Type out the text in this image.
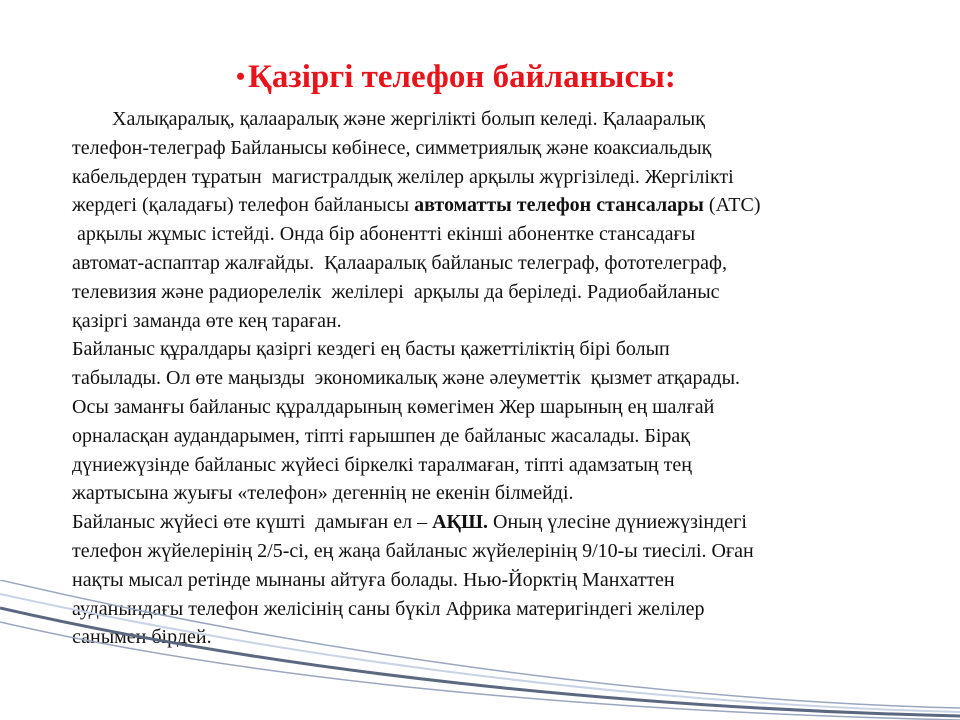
• Қазіргі телефон байланысы:
Халықаралық, қалааралық және жергілікті болып келеді. Қалааралық
телефон-телеграф Байланысы көбінесе, симметриялық және коаксиальдық
кабельдерден тұратын  магистралдық желілер арқылы жүргізіледі. Жергілікті
жердегі (қаладағы) телефон байланысы автоматты телефон стансалары (АТС)
арқылы жұмыс істейді. Онда бір абонентті екінші абонентке стансадағы
автомат-аспаптар жалғайды.  Қалааралық байланыс телеграф, фототелеграф,
телевизия және радиорелелік  желілері  арқылы да беріледі. Радиобайланыс
қазіргі заманда өте кең тараған.
Байланыс құралдары қазіргі кездегі ең басты қажеттіліктің бірі болып
табылады. Ол өте маңызды  экономикалық және әлеуметтік  қызмет атқарады.
Осы заманғы байланыс құралдарының көмегімен Жер шарының ең шалғай
орналасқан аудандарымен, тіпті ғарышпен де байланыс жасалады. Бірақ
дүниежүзінде байланыс жүйесі біркелкі таралмаған, тіпті адамзатың тең
жартысына жуығы «телефон» дегеннің не екенін білмейді.
Байланыс жүйесі өте күшті  дамыған ел – АҚШ. Оның үлесіне дүниежүзіндегі
телефон жүйелерінің 2/5-сі, ең жаңа байланыс жүйелерінің 9/10-ы тиесілі. Оған
нақты мысал ретінде мынаны айтуға болады. Нью-Йорктің Манхаттен
ауданындағы телефон желісінің саны бүкіл Африка материгіндегі желілер
санымен бірдей.
